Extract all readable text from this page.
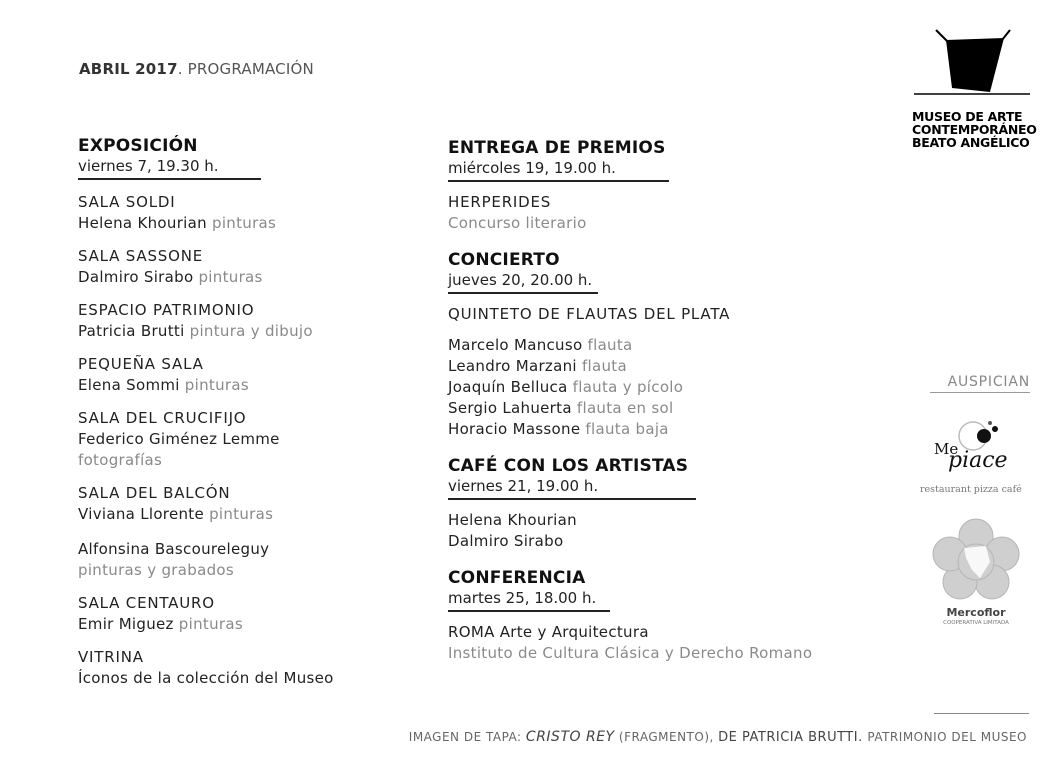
ABRIL 2017. PROGRAMACIÓN
MUSEO DE ARTE
CONTEMPORÁNEO
BEATO ANGÉLICO
EXPOSICIÓN
viernes 7, 19.30 h.
SALA SOLDI
Helena Khourian pinturas
SALA SASSONE
Dalmiro Sirabo pinturas
ESPACIO PATRIMONIO
Patricia Brutti pintura y dibujo
PEQUEÑA SALA
Elena Sommi pinturas
SALA DEL CRUCIFIJO
Federico Giménez Lemme
fotografías
SALA DEL BALCÓN
Viviana Llorente pinturas
Alfonsina Bascoureleguy
pinturas y grabados
SALA CENTAURO
Emir Miguez pinturas
VITRINA
Íconos de la colección del Museo
ENTREGA DE PREMIOS
miércoles 19, 19.00 h.
HERPERIDES
Concurso literario
CONCIERTO
jueves 20, 20.00 h.
QUINTETO DE FLAUTAS DEL PLATA
Marcelo Mancuso flauta
Leandro Marzani flauta
Joaquín Belluca flauta y pícolo
Sergio Lahuerta flauta en sol
Horacio Massone flauta baja
CAFÉ CON LOS ARTISTAS
viernes 21, 19.00 h.
Helena Khourian
Dalmiro Sirabo
CONFERENCIA
martes 25, 18.00 h.
ROMA Arte y Arquitectura
Instituto de Cultura Clásica y Derecho Romano
AUSPICIAN
Me
piace
restaurant pizza café
Mercoflor
COOPERATIVA LIMITADA
IMAGEN DE TAPA: CRISTO REY (FRAGMENTO), DE PATRICIA BRUTTI. PATRIMONIO DEL MUSEO
